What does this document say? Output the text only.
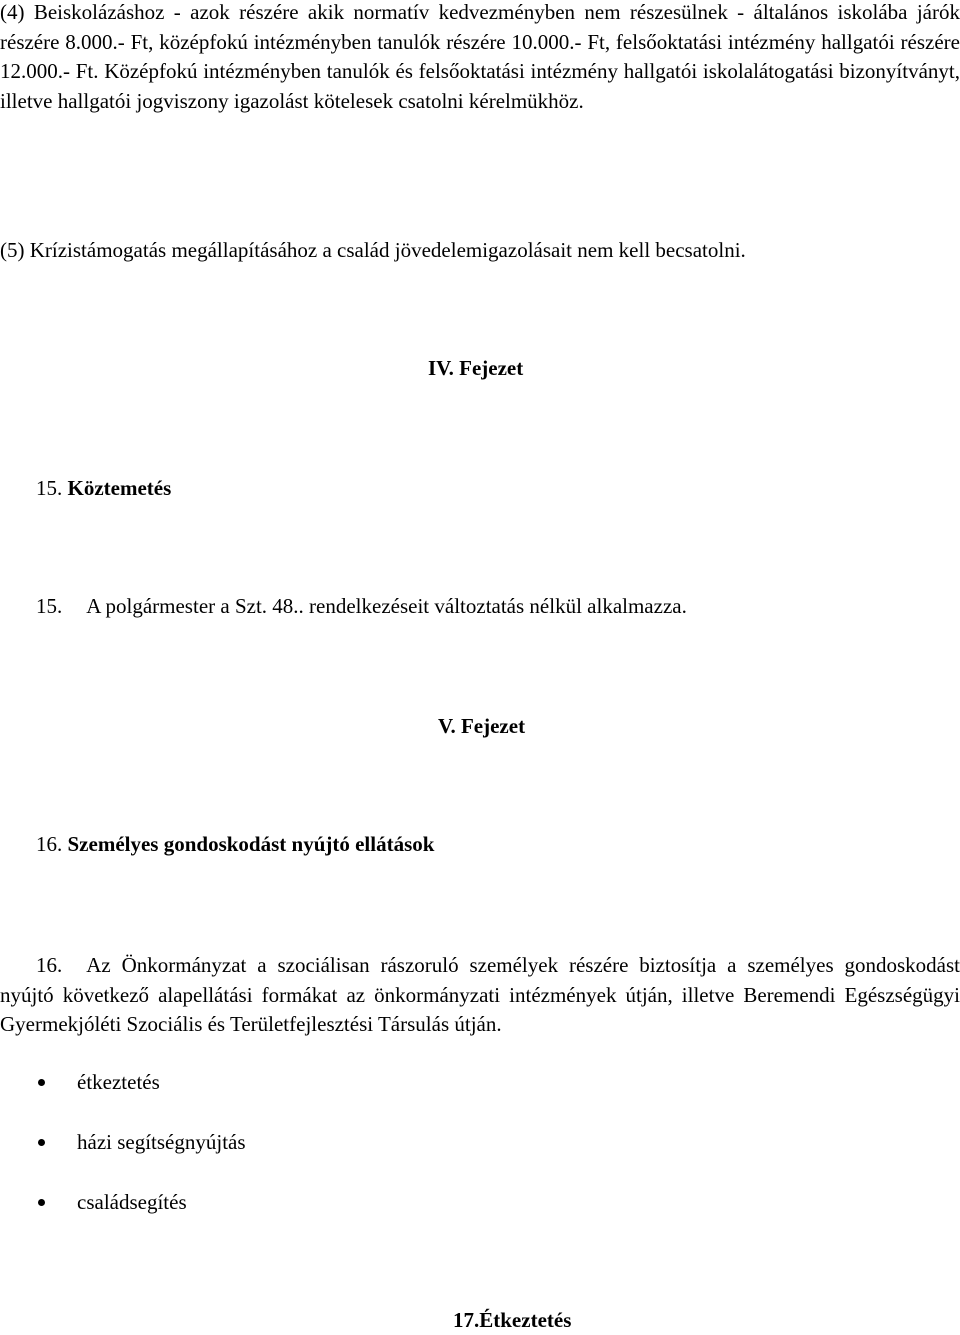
(4) Beiskolázáshoz - azok részére akik normatív kedvezményben nem részesülnek - általános iskolába járók részére 8.000.- Ft, középfokú intézményben tanulók részére 10.000.- Ft, felsőoktatási intézmény hallgatói részére 12.000.- Ft. Középfokú intézményben tanulók és felsőoktatási intézmény hallgatói iskolalátogatási bizonyítványt, illetve hallgatói jogviszony igazolást kötelesek csatolni kérelmükhöz.

(5) Krízistámogatás megállapításához a család jövedelemigazolásait nem kell becsatolni.

IV. Fejezet

15. Köztemetés

15. A polgármester a Szt. 48.. rendelkezéseit változtatás nélkül alkalmazza.

V. Fejezet

16. Személyes gondoskodást nyújtó ellátások

16. Az Önkormányzat a szociálisan rászoruló személyek részére biztosítja a személyes gondoskodást nyújtó következő alapellátási formákat az önkormányzati intézmények útján, illetve Beremendi Egészségügyi Gyermekjóléti Szociális és Területfejlesztési Társulás útján.

étkeztetés
házi segítségnyújtás
családsegítés

17.Étkeztetés
